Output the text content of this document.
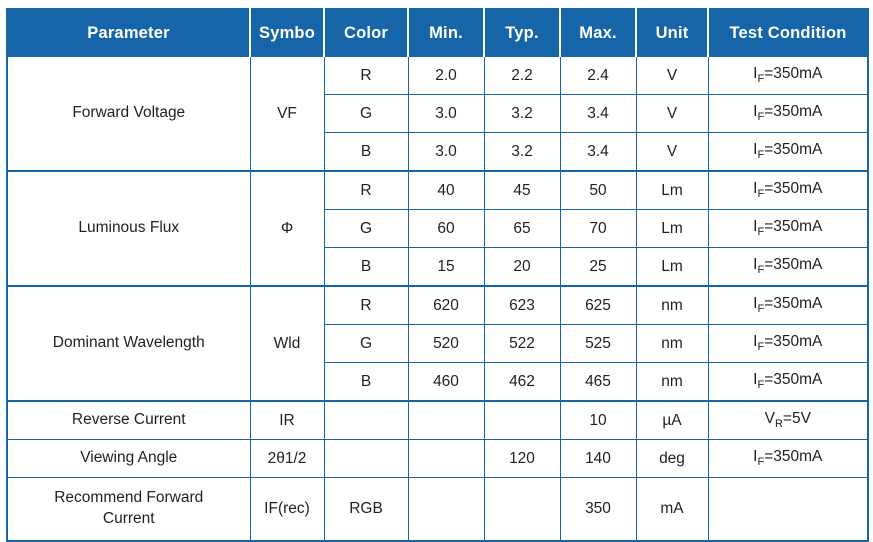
Parameter	Symbo	Color	Min.	Typ.	Max.	Unit	Test Condition
Forward Voltage	VF	R	2.0	2.2	2.4	V	$I_F=350mA$
		G	3.0	3.2	3.4	V	$I_F=350mA$
		B	3.0	3.2	3.4	V	$I_F=350mA$
Luminous Flux	Φ	R	40	45	50	Lm	$I_F=350mA$
		G	60	65	70	Lm	$I_F=350mA$
		B	15	20	25	Lm	$I_F=350mA$
Dominant Wavelength	Wld	R	620	623	625	nm	$I_F=350mA$
		G	520	522	525	nm	$I_F=350mA$
		B	460	462	465	nm	$I_F=350mA$
Reverse Current	IR				10	µA	$V_R=5V$
Viewing Angle	2θ1/2			120	140	deg	$I_F=350mA$
Recommend Forward Current	IF(rec)	RGB			350	mA	
